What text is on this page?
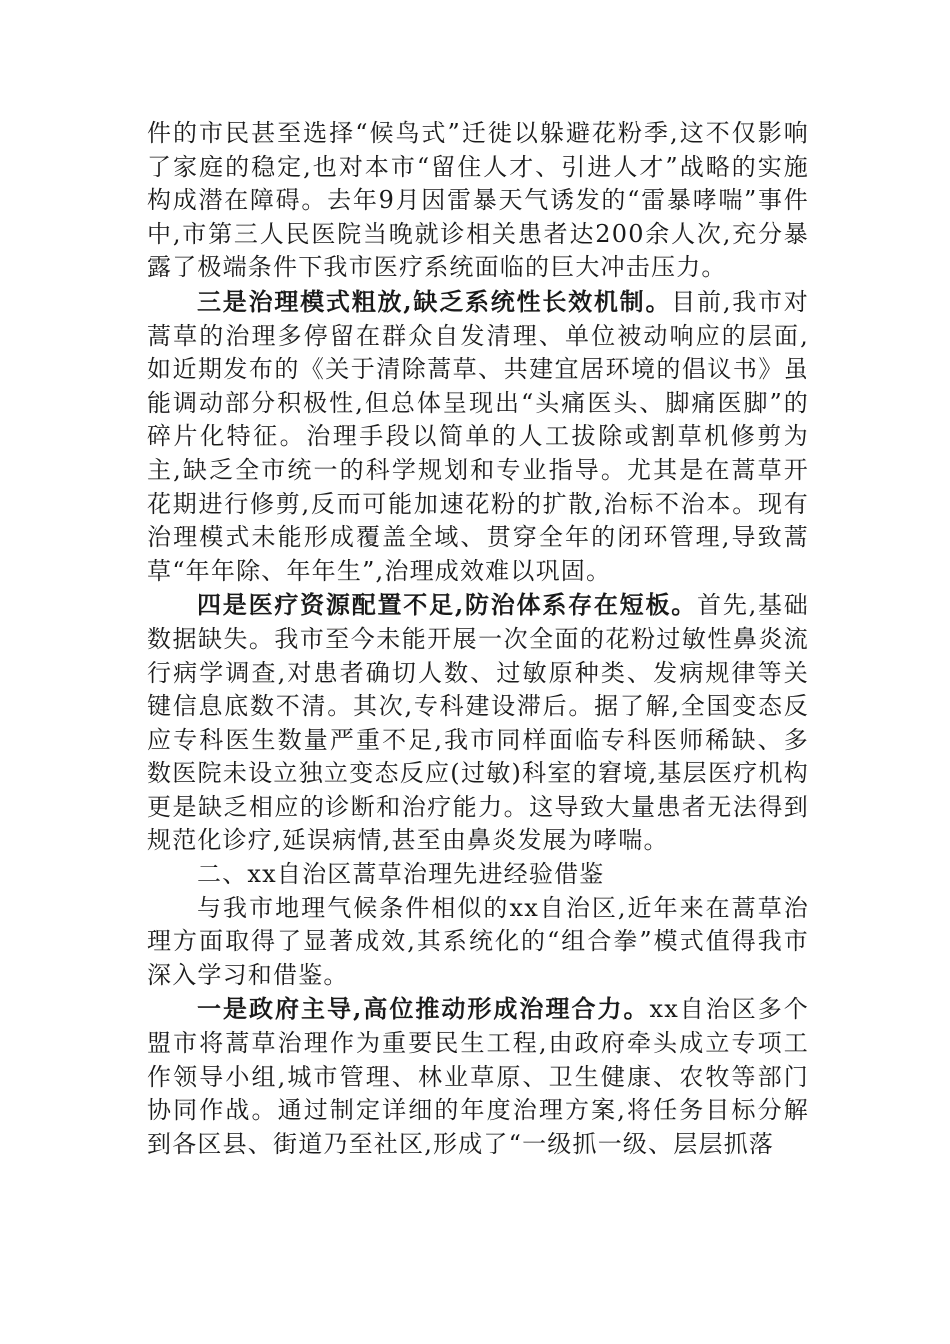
件的市民甚至选择“候鸟式”迁徙以躲避花粉季,这不仅影响了家庭的稳定,也对本市“留住人才、引进人才”战略的实施构成潜在障碍。去年9月因雷暴天气诱发的“雷暴哮喘”事件中,市第三人民医院当晚就诊相关患者达200余人次,充分暴露了极端条件下我市医疗系统面临的巨大冲击压力。

三是治理模式粗放,缺乏系统性长效机制。目前,我市对蒿草的治理多停留在群众自发清理、单位被动响应的层面,如近期发布的《关于清除蒿草、共建宜居环境的倡议书》虽能调动部分积极性,但总体呈现出“头痛医头、脚痛医脚”的碎片化特征。治理手段以简单的人工拔除或割草机修剪为主,缺乏全市统一的科学规划和专业指导。尤其是在蒿草开花期进行修剪,反而可能加速花粉的扩散,治标不治本。现有治理模式未能形成覆盖全域、贯穿全年的闭环管理,导致蒿草“年年除、年年生”,治理成效难以巩固。

四是医疗资源配置不足,防治体系存在短板。首先,基础数据缺失。我市至今未能开展一次全面的花粉过敏性鼻炎流行病学调查,对患者确切人数、过敏原种类、发病规律等关键信息底数不清。其次,专科建设滞后。据了解,全国变态反应专科医生数量严重不足,我市同样面临专科医师稀缺、多数医院未设立独立变态反应(过敏)科室的窘境,基层医疗机构更是缺乏相应的诊断和治疗能力。这导致大量患者无法得到规范化诊疗,延误病情,甚至由鼻炎发展为哮喘。

二、xx自治区蒿草治理先进经验借鉴

与我市地理气候条件相似的xx自治区,近年来在蒿草治理方面取得了显著成效,其系统化的“组合拳”模式值得我市深入学习和借鉴。

一是政府主导,高位推动形成治理合力。xx自治区多个盟市将蒿草治理作为重要民生工程,由政府牵头成立专项工作领导小组,城市管理、林业草原、卫生健康、农牧等部门协同作战。通过制定详细的年度治理方案,将任务目标分解到各区县、街道乃至社区,形成了“一级抓一级、层层抓落
